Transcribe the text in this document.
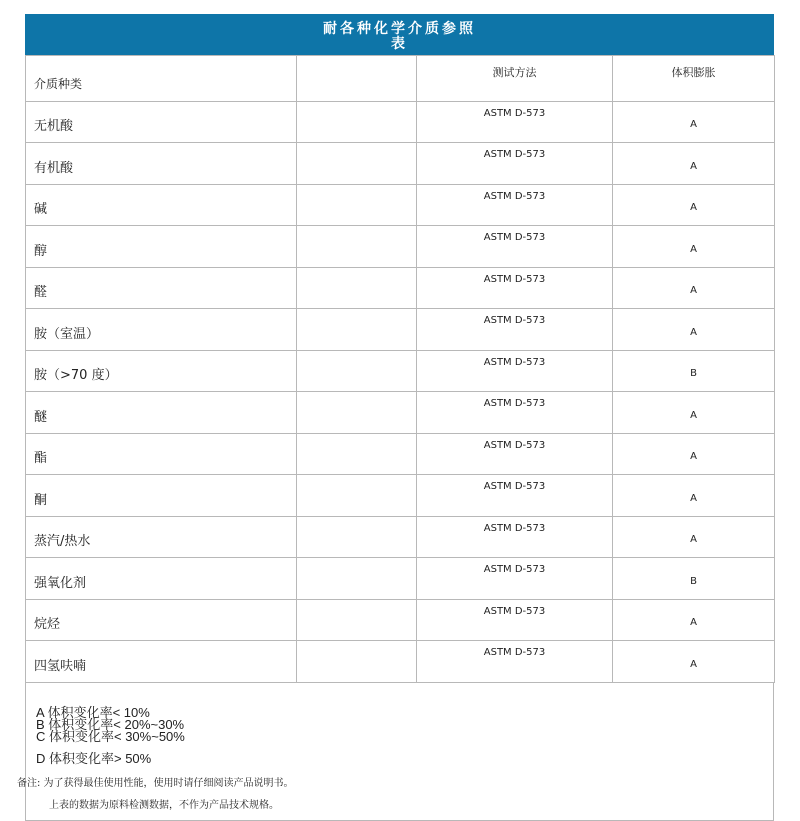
耐各种化学介质参照
表
介质种类		测试方法	体积膨胀
无机酸		ASTM D-573	A
有机酸		ASTM D-573	A
碱		ASTM D-573	A
醇		ASTM D-573	A
醛		ASTM D-573	A
胺（室温）		ASTM D-573	A
胺（>70 度）		ASTM D-573	B
醚		ASTM D-573	A
酯		ASTM D-573	A
酮		ASTM D-573	A
蒸汽/热水		ASTM D-573	A
强氧化剂		ASTM D-573	B
烷烃		ASTM D-573	A
四氢呋喃		ASTM D-573	A
A 体积变化率< 10%
B 体积变化率< 20%~30%
C 体积变化率< 30%~50%
D 体积变化率> 50%
备注: 为了获得最佳使用性能，使用时请仔细阅读产品说明书。
上表的数据为原料检测数据，不作为产品技术规格。
